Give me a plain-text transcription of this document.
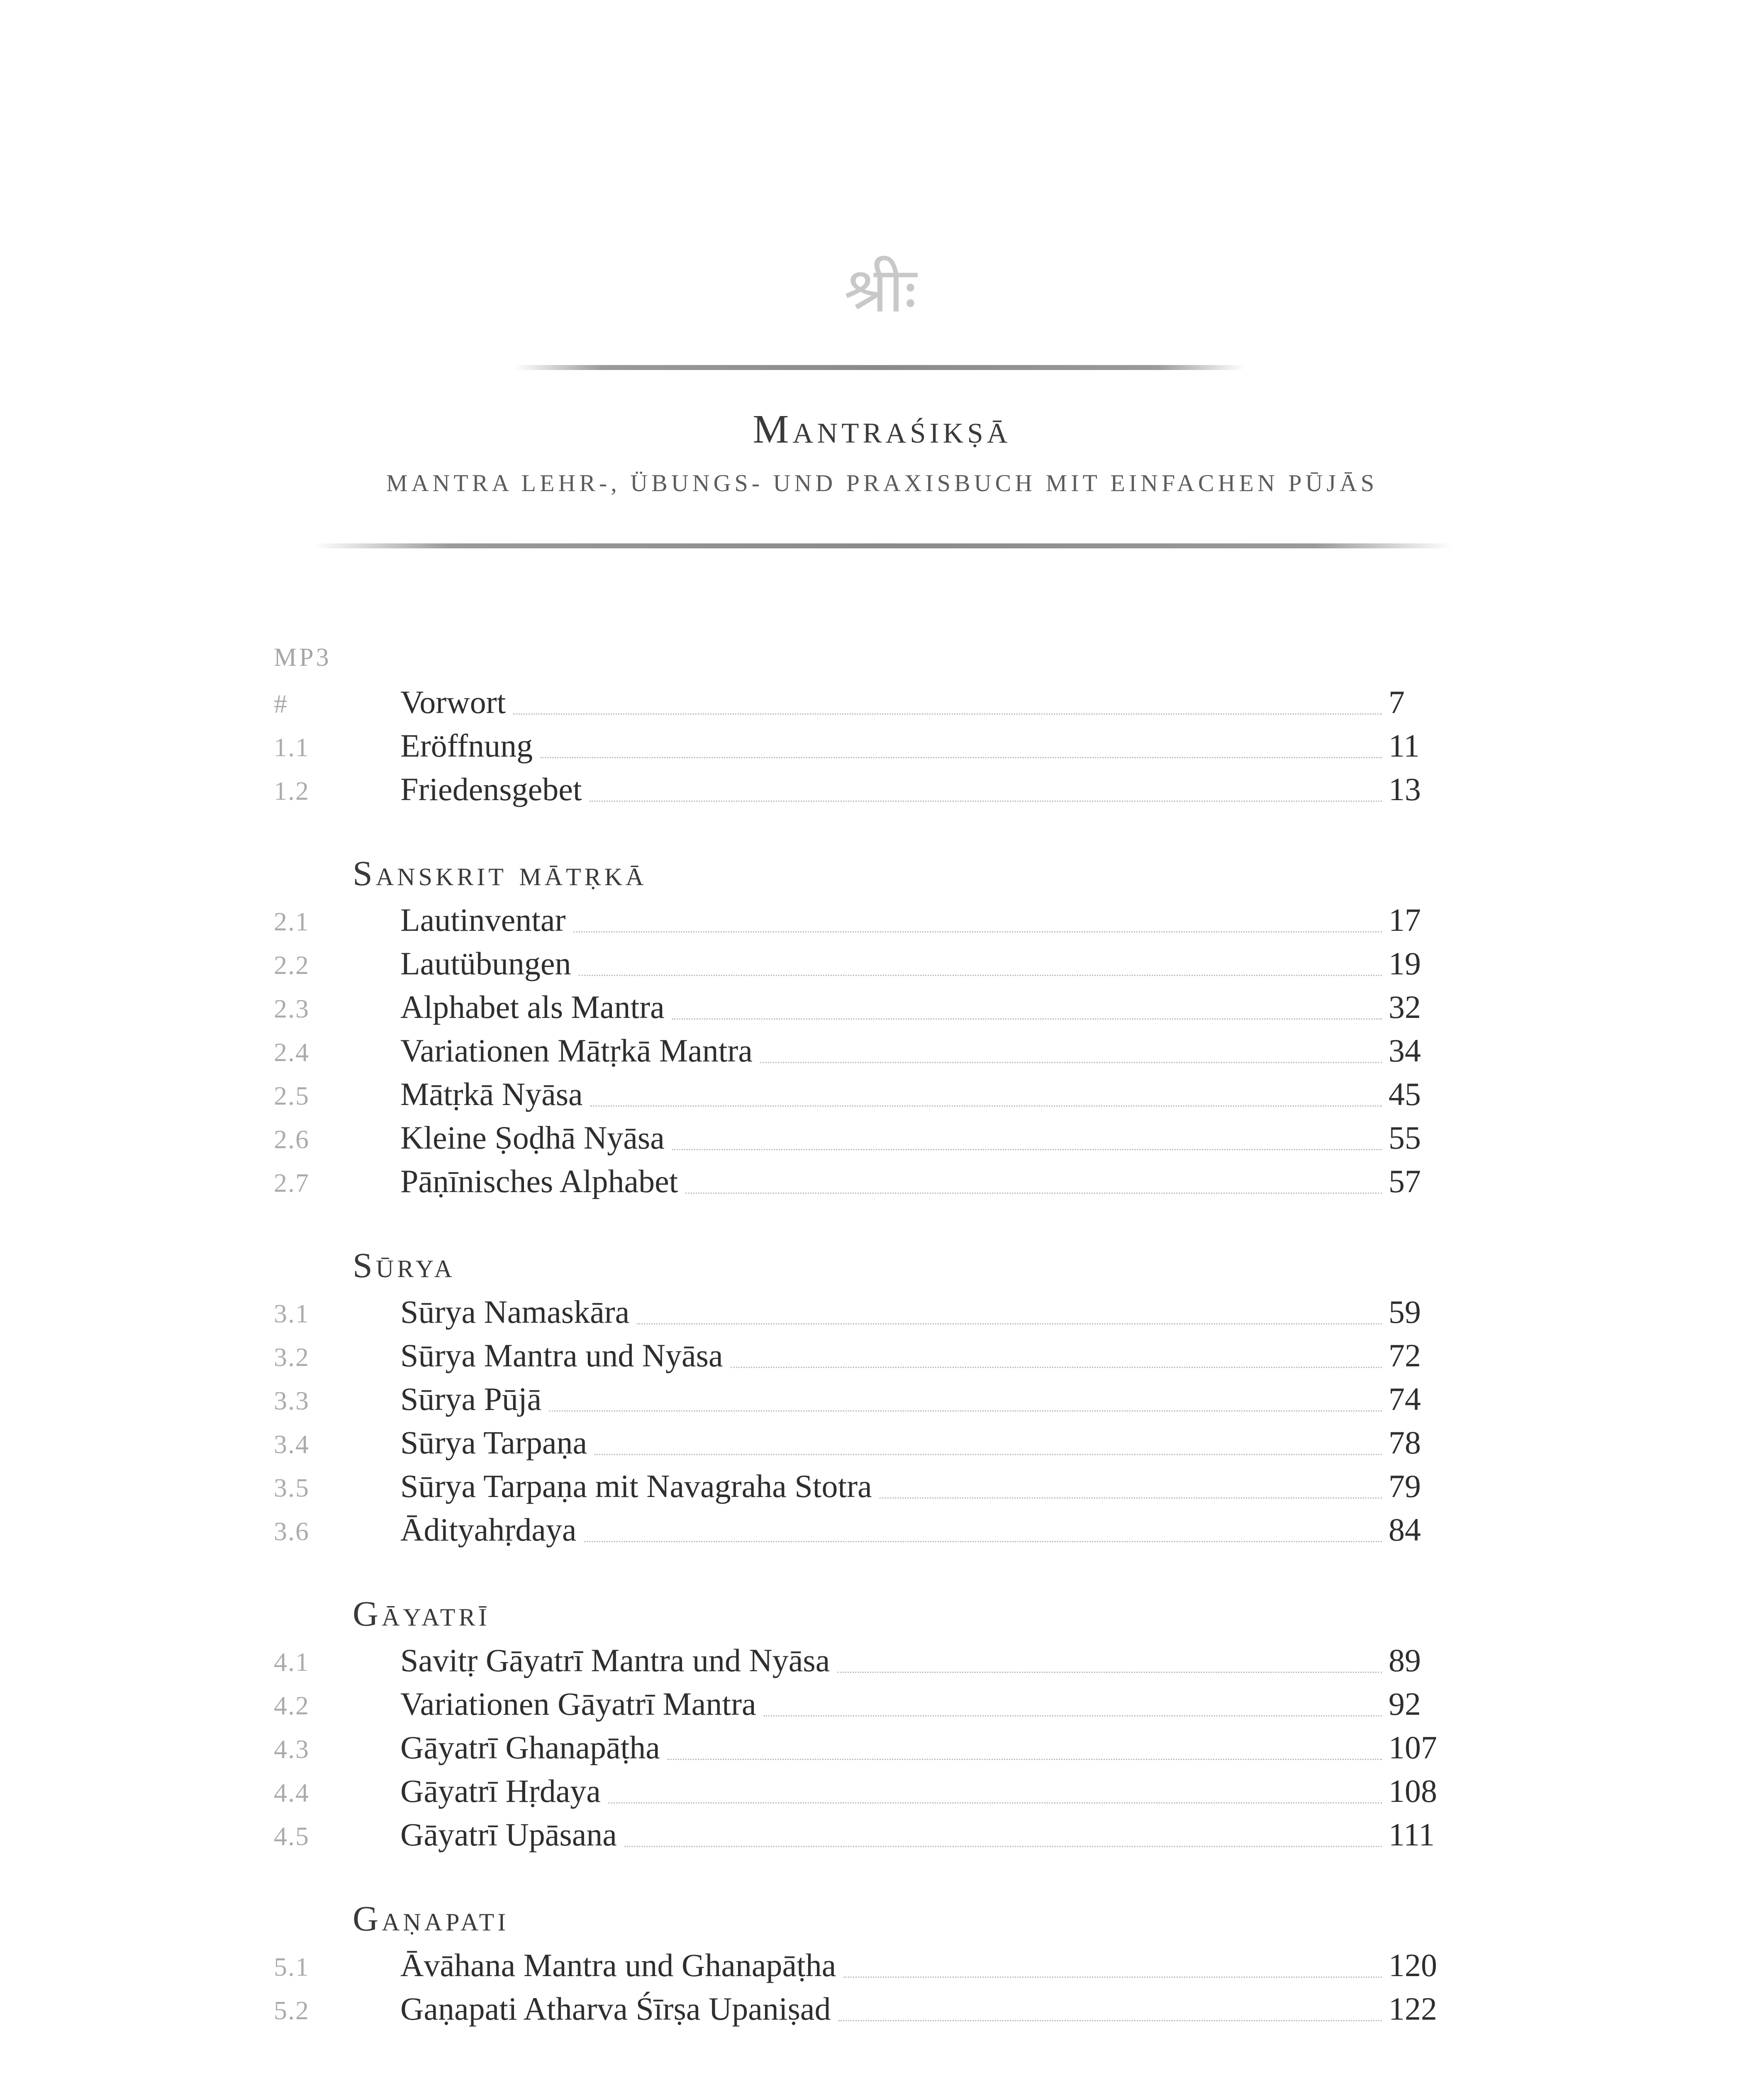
श्रीः
Mantraśikṣā
MANTRA LEHR-, ÜBUNGS- UND PRAXISBUCH MIT EINFACHEN PŪJĀS
MP3
#	Vorwort	7
1.1	Eröffnung	11
1.2	Friedensgebet	13
Sanskrit mātṛkā
2.1	Lautinventar	17
2.2	Lautübungen	19
2.3	Alphabet als Mantra	32
2.4	Variationen Mātṛkā Mantra	34
2.5	Mātṛkā Nyāsa	45
2.6	Kleine Ṣoḍhā Nyāsa	55
2.7	Pāṇīnisches Alphabet	57
Sūrya
3.1	Sūrya Namaskāra	59
3.2	Sūrya Mantra und Nyāsa	72
3.3	Sūrya Pūjā	74
3.4	Sūrya Tarpaṇa	78
3.5	Sūrya Tarpaṇa mit Navagraha Stotra	79
3.6	Ādityahṛdaya	84
Gāyatrī
4.1	Savitṛ Gāyatrī Mantra und Nyāsa	89
4.2	Variationen Gāyatrī Mantra	92
4.3	Gāyatrī Ghanapāṭha	107
4.4	Gāyatrī Hṛdaya	108
4.5	Gāyatrī Upāsana	111
Gaṇapati
5.1	Āvāhana Mantra und Ghanapāṭha	120
5.2	Gaṇapati Atharva Śīrṣa Upaniṣad	122
